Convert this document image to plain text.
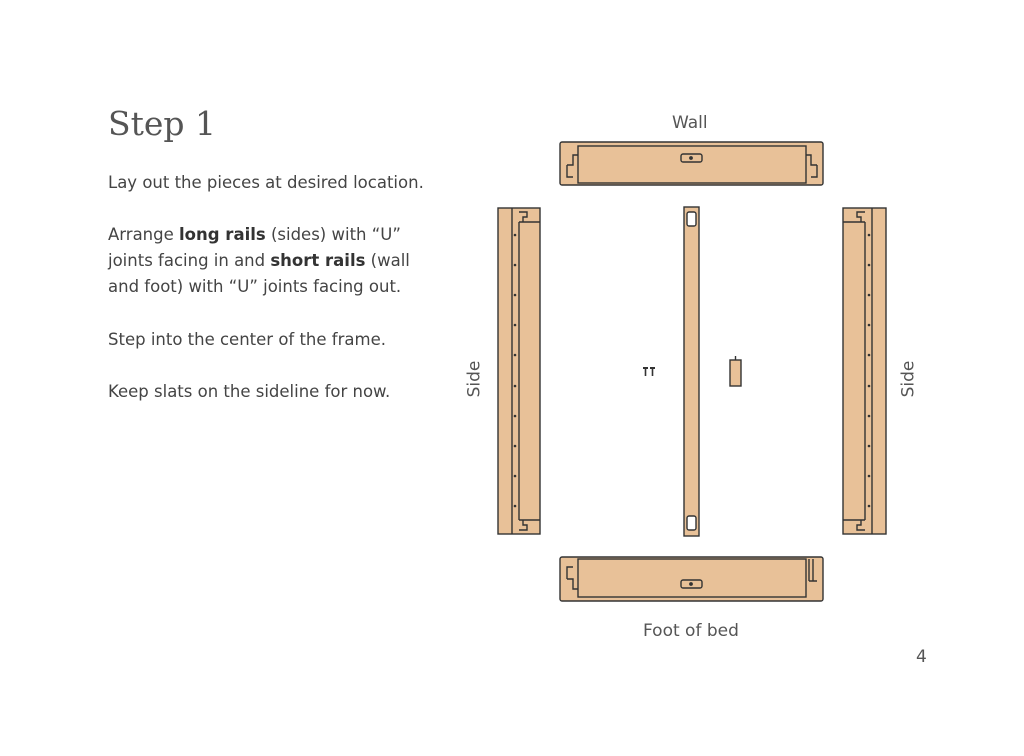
Step 1

Lay out the pieces at desired location.

Arrange long rails (sides) with “U” joints facing in and short rails (wall and foot) with “U” joints facing out.

Step into the center of the frame.

Keep slats on the sideline for now.

Wall
Foot of bed
Side	Side
4
